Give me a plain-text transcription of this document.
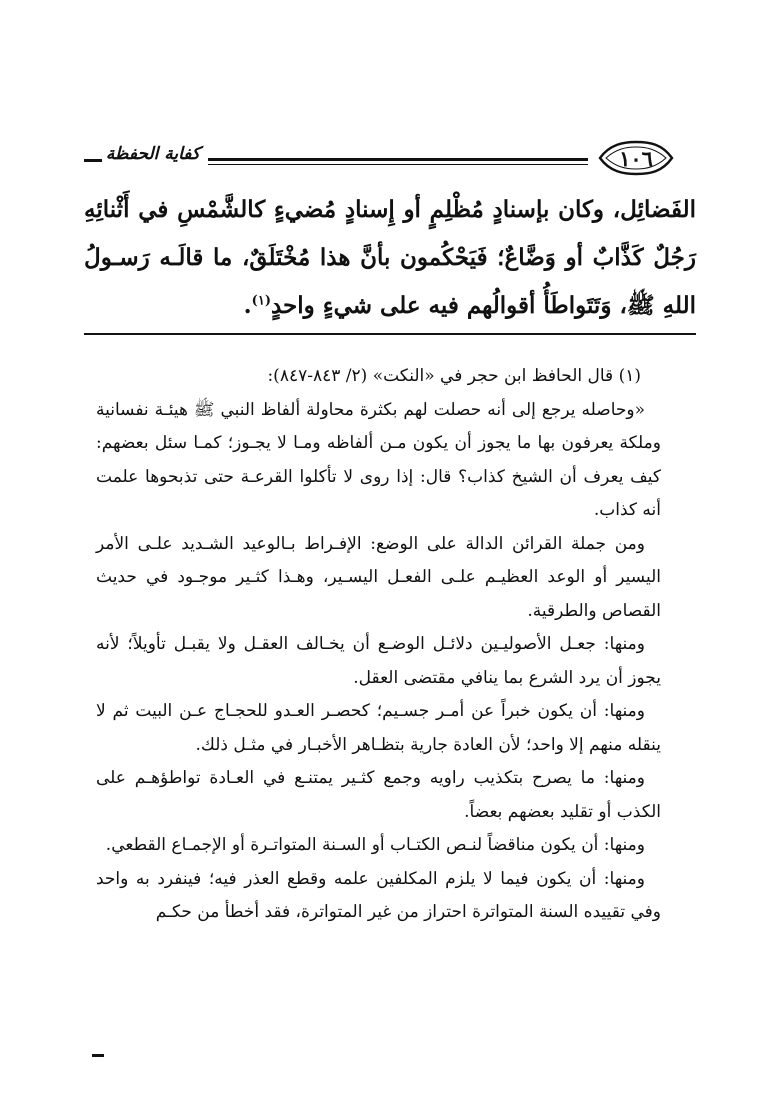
١٠٦
كفاية الحفظة

الفَضائِل، وكان بإسنادٍ مُظْلِمٍ أو إِسنادٍ مُضيءٍ كالشَّمْسِ في أَثْنائِهِ رَجُلٌ كَذَّابٌ أو وَضَّاعٌ؛ فَيَحْكُمون بأنَّ هذا مُخْتَلَقٌ، ما قالَـه رَسـولُ اللهِ ﷺ، وَتَتَواطَأُ أقوالُهم فيه على شيءٍ واحدٍ$^{(١)}$.

(١) قال الحافظ ابن حجر في «النكت» (٢/ ٨٤٣-٨٤٧):

«وحاصله يرجع إلى أنه حصلت لهم بكثرة محاولة ألفاظ النبي ﷺ هيئـة نفسانية وملكة يعرفون بها ما يجوز أن يكون مـن ألفاظه ومـا لا يجـوز؛ كمـا سئل بعضهم: كيف يعرف أن الشيخ كذاب؟ قال: إذا روى لا تأكلوا القرعـة حتى تذبحوها علمت أنه كذاب.

ومن جملة القرائن الدالة على الوضع: الإفـراط بـالوعيد الشـديد علـى الأمر اليسير أو الوعد العظيـم علـى الفعـل اليسـير، وهـذا كثـير موجـود في حديث القصاص والطرقية.

ومنها: جعـل الأصوليـين دلائـل الوضـع أن يخـالف العقـل ولا يقبـل تأويلاً؛ لأنه يجوز أن يرد الشرع بما ينافي مقتضى العقل.

ومنها: أن يكون خبراً عن أمـر جسـيم؛ كحصـر العـدو للحجـاج عـن البيت ثم لا ينقله منهم إلا واحد؛ لأن العادة جارية بتظـاهر الأخبـار في مثـل ذلك.

ومنها: ما يصرح بتكذيب راويه وجمع كثـير يمتنـع في العـادة تواطؤهـم على الكذب أو تقليد بعضهم بعضاً.

ومنها: أن يكون مناقضاً لنـص الكتـاب أو السـنة المتواتـرة أو الإجمـاع القطعي.

ومنها: أن يكون فيما لا يلزم المكلفين علمه وقطع العذر فيه؛ فينفرد به واحد وفي تقييده السنة المتواترة احتراز من غير المتواترة، فقد أخطأ من حكـم
